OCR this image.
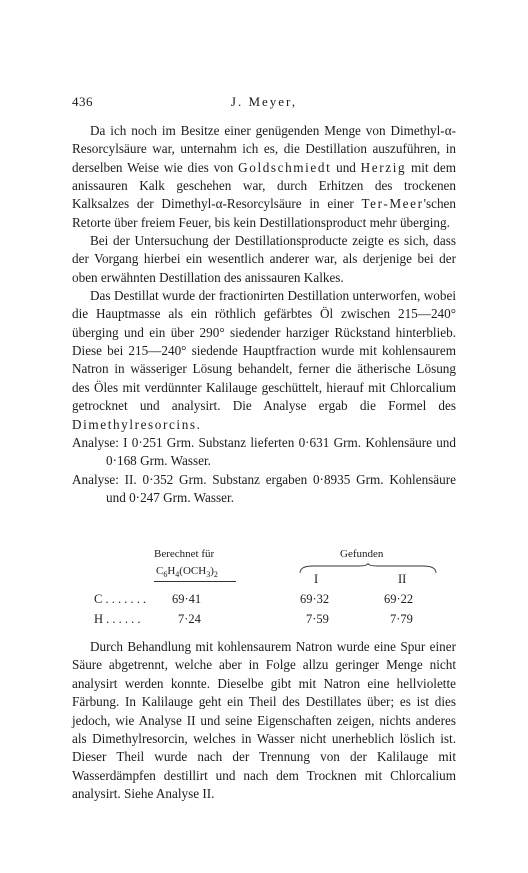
436	J. Meyer,

Da ich noch im Besitze einer genügenden Menge von Dimethyl-α-Resorcylsäure war, unternahm ich es, die Destillation auszuführen, in derselben Weise wie dies von Goldschmiedt und Herzig mit dem anissauren Kalk geschehen war, durch Erhitzen des trockenen Kalksalzes der Dimethyl-α-Resorcylsäure in einer Ter-Meer'schen Retorte über freiem Feuer, bis kein Destillationsproduct mehr überging.

Bei der Untersuchung der Destillationsproducte zeigte es sich, dass der Vorgang hierbei ein wesentlich anderer war, als derjenige bei der oben erwähnten Destillation des anissauren Kalkes.

Das Destillat wurde der fractionirten Destillation unterworfen, wobei die Hauptmasse als ein röthlich gefärbtes Öl zwischen 215—240° überging und ein über 290° siedender harziger Rückstand hinterblieb. Diese bei 215—240° siedende Hauptfraction wurde mit kohlensaurem Natron in wässeriger Lösung behandelt, ferner die ätherische Lösung des Öles mit verdünnter Kalilauge geschüttelt, hierauf mit Chlorcalium getrocknet und analysirt. Die Analyse ergab die Formel des Dimethylresorcins.

Analyse: I 0·251 Grm. Substanz lieferten 0·631 Grm. Kohlensäure und 0·168 Grm. Wasser.

Analyse: II. 0·352 Grm. Substanz ergaben 0·8935 Grm. Kohlensäure und 0·247 Grm. Wasser.

Berechnet für
$C_6H_4(OCH_3)_2$
Gefunden
I	II
C . . . . . . . 69·41	69·32	69·22
H . . . . . .	7·24	7·59	7·79

Durch Behandlung mit kohlensaurem Natron wurde eine Spur einer Säure abgetrennt, welche aber in Folge allzu geringer Menge nicht analysirt werden konnte. Dieselbe gibt mit Natron eine hellviolette Färbung. In Kalilauge geht ein Theil des Destillates über; es ist dies jedoch, wie Analyse II und seine Eigenschaften zeigen, nichts anderes als Dimethylresorcin, welches in Wasser nicht unerheblich löslich ist. Dieser Theil wurde nach der Trennung von der Kalilauge mit Wasserdämpfen destillirt und nach dem Trocknen mit Chlorcalium analysirt. Siehe Analyse II.
